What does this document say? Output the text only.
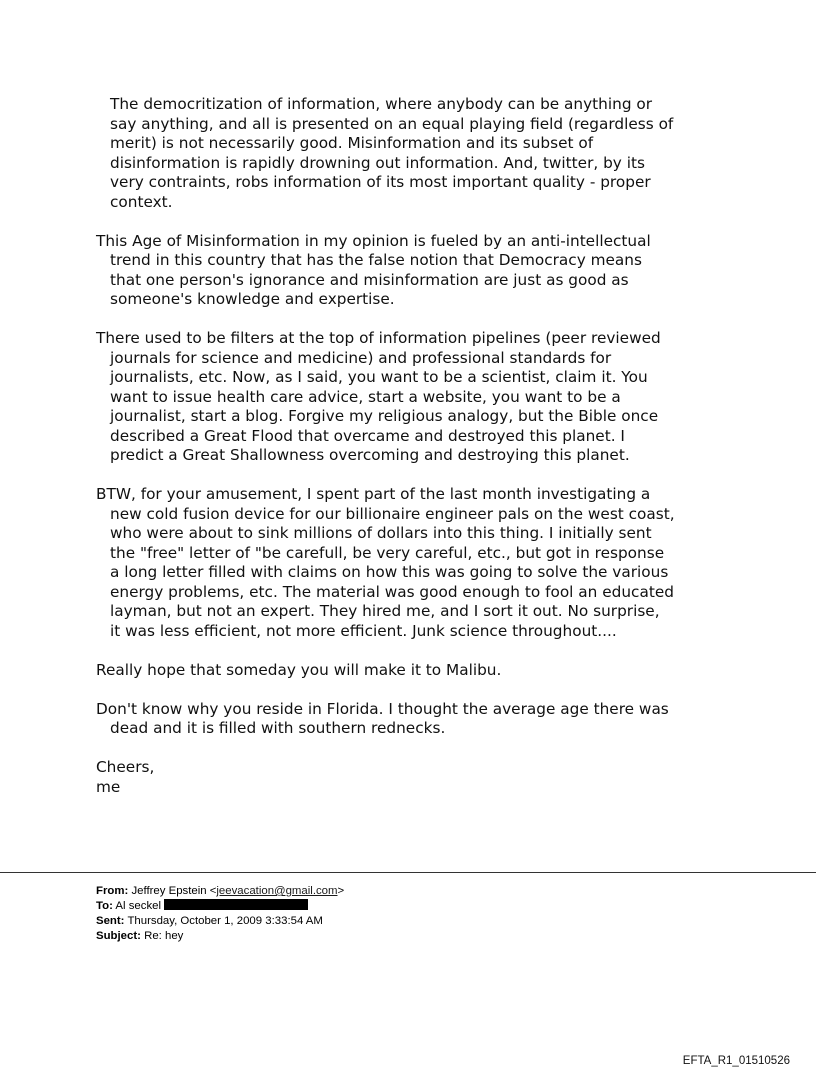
The democritization of information, where anybody can be anything or
say anything, and all is presented on an equal playing field (regardless of
merit) is not necessarily good. Misinformation and its subset of
disinformation is rapidly drowning out information. And, twitter, by its
very contraints, robs information of its most important quality - proper
context.

This Age of Misinformation in my opinion is fueled by an anti-intellectual
trend in this country that has the false notion that Democracy means
that one person's ignorance and misinformation are just as good as
someone's knowledge and expertise.

There used to be filters at the top of information pipelines (peer reviewed
journals for science and medicine) and professional standards for
journalists, etc. Now, as I said, you want to be a scientist, claim it. You
want to issue health care advice, start a website, you want to be a
journalist, start a blog. Forgive my religious analogy, but the Bible once
described a Great Flood that overcame and destroyed this planet. I
predict a Great Shallowness overcoming and destroying this planet.

BTW, for your amusement, I spent part of the last month investigating a
new cold fusion device for our billionaire engineer pals on the west coast,
who were about to sink millions of dollars into this thing. I initially sent
the "free" letter of "be carefull, be very careful, etc., but got in response
a long letter filled with claims on how this was going to solve the various
energy problems, etc. The material was good enough to fool an educated
layman, but not an expert. They hired me, and I sort it out. No surprise,
it was less efficient, not more efficient. Junk science throughout....

Really hope that someday you will make it to Malibu.

Don't know why you reside in Florida. I thought the average age there was
dead and it is filled with southern rednecks.

Cheers,
me

From: Jeffrey Epstein <jeevacation@gmail.com>
To: Al seckel
Sent: Thursday, October 1, 2009 3:33:54 AM
Subject: Re: hey
EFTA_R1_01510526
